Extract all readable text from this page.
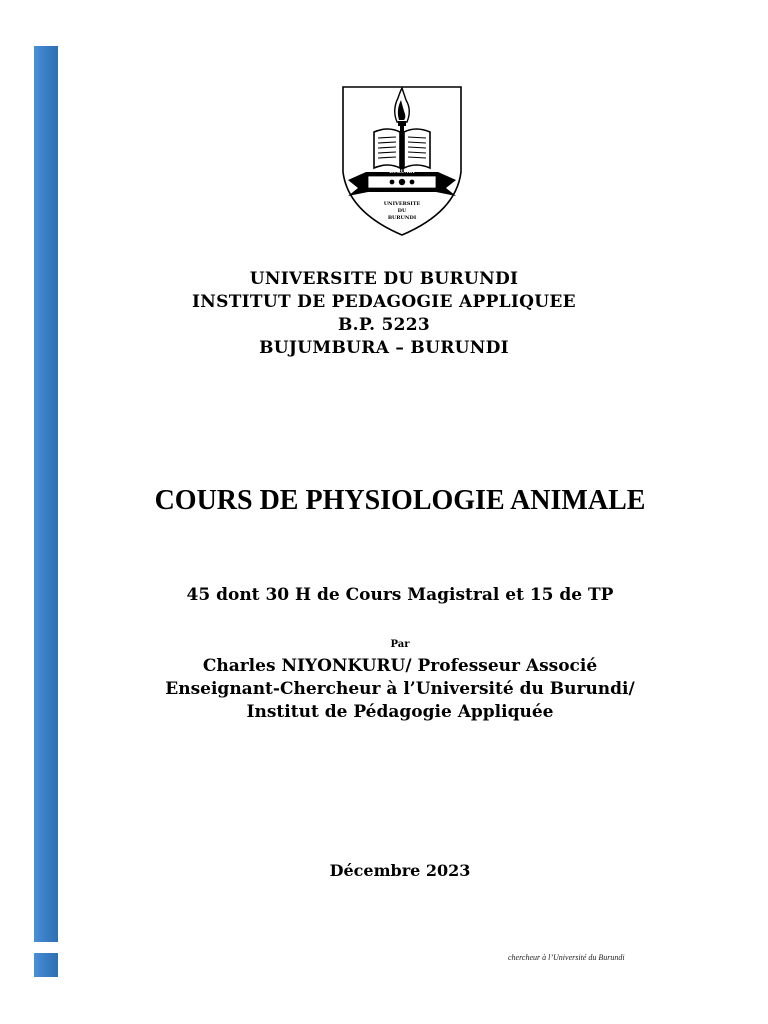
BURUNDI
UNIVERSITE
DU
BURUNDI
UNIVERSITE DU BURUNDI
INSTITUT DE PEDAGOGIE APPLIQUEE
B.P. 5223
BUJUMBURA – BURUNDI
COURS DE PHYSIOLOGIE ANIMALE
45 dont 30 H de Cours Magistral et 15 de TP
Par
Charles NIYONKURU/ Professeur Associé
Enseignant-Chercheur à l’Université du Burundi/
Institut de Pédagogie Appliquée
Décembre 2023
chercheur à l’Université du Burundi
